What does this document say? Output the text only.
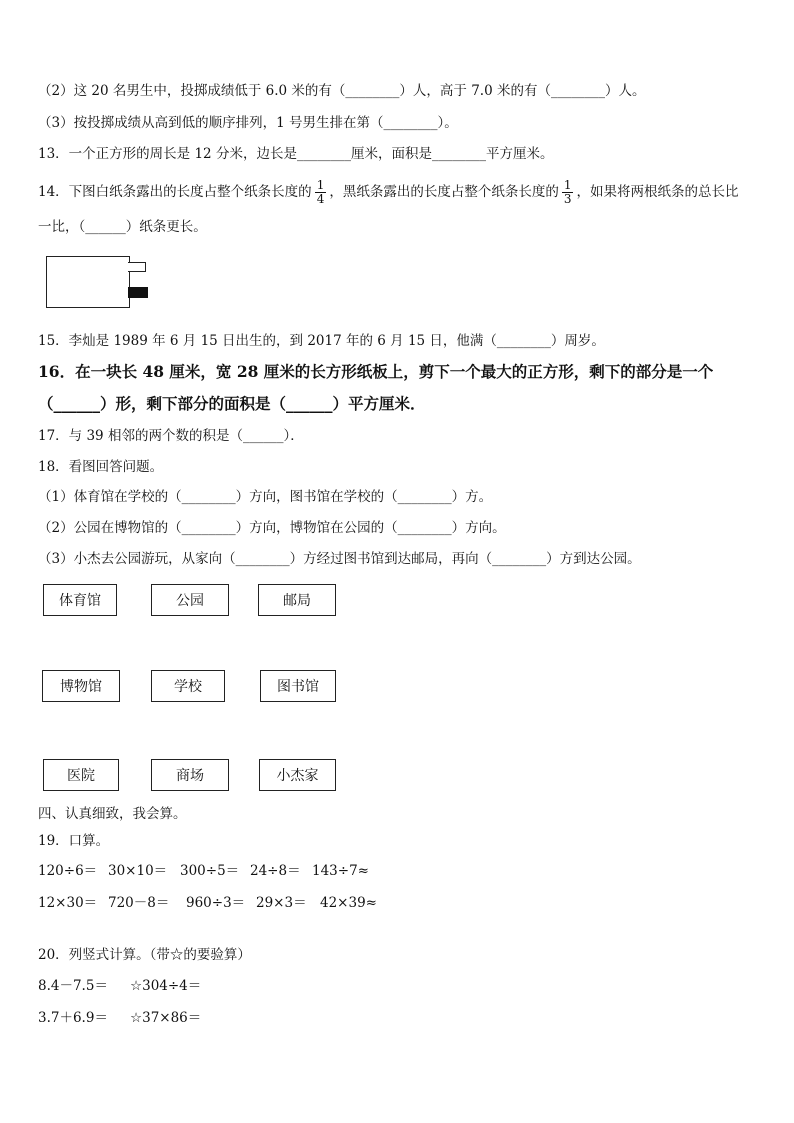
（2）这 20 名男生中，投掷成绩低于 6.0 米的有（________）人，高于 7.0 米的有（________）人。
（3）按投掷成绩从高到低的顺序排列，1 号男生排在第（________）。
13．一个正方形的周长是 12 分米，边长是________厘米，面积是________平方厘米。
14．下图白纸条露出的长度占整个纸条长度的 $\frac{1}{4}$ ，黑纸条露出的长度占整个纸条长度的 $\frac{1}{3}$ ，如果将两根纸条的总长比
一比，（______）纸条更长。
15．李灿是 1989 年 6 月 15 日出生的，到 2017 年的 6 月 15 日，他满（________）周岁。
16．在一块长 48 厘米，宽 28 厘米的长方形纸板上，剪下一个最大的正方形，剩下的部分是一个
（______）形，剩下部分的面积是（______）平方厘米．
17．与 39 相邻的两个数的积是（______）．
18．看图回答问题。
（1）体育馆在学校的（________）方向，图书馆在学校的（________）方。
（2）公园在博物馆的（________）方向，博物馆在公园的（________）方向。
（3）小杰去公园游玩，从家向（________）方经过图书馆到达邮局，再向（________）方到达公园。
体育馆	公园	邮局
博物馆	学校	图书馆
医院	商场	小杰家
四、认真细致，我会算。
19．口算。
120÷6＝ 30×10＝ 300÷5＝ 24÷8＝ 143÷7≈
12×30＝ 720－8＝ 960÷3＝ 29×3＝ 42×39≈
20．列竖式计算。（带☆的要验算）
8.4－7.5＝ ☆304÷4＝
3.7＋6.9＝ ☆37×86＝
